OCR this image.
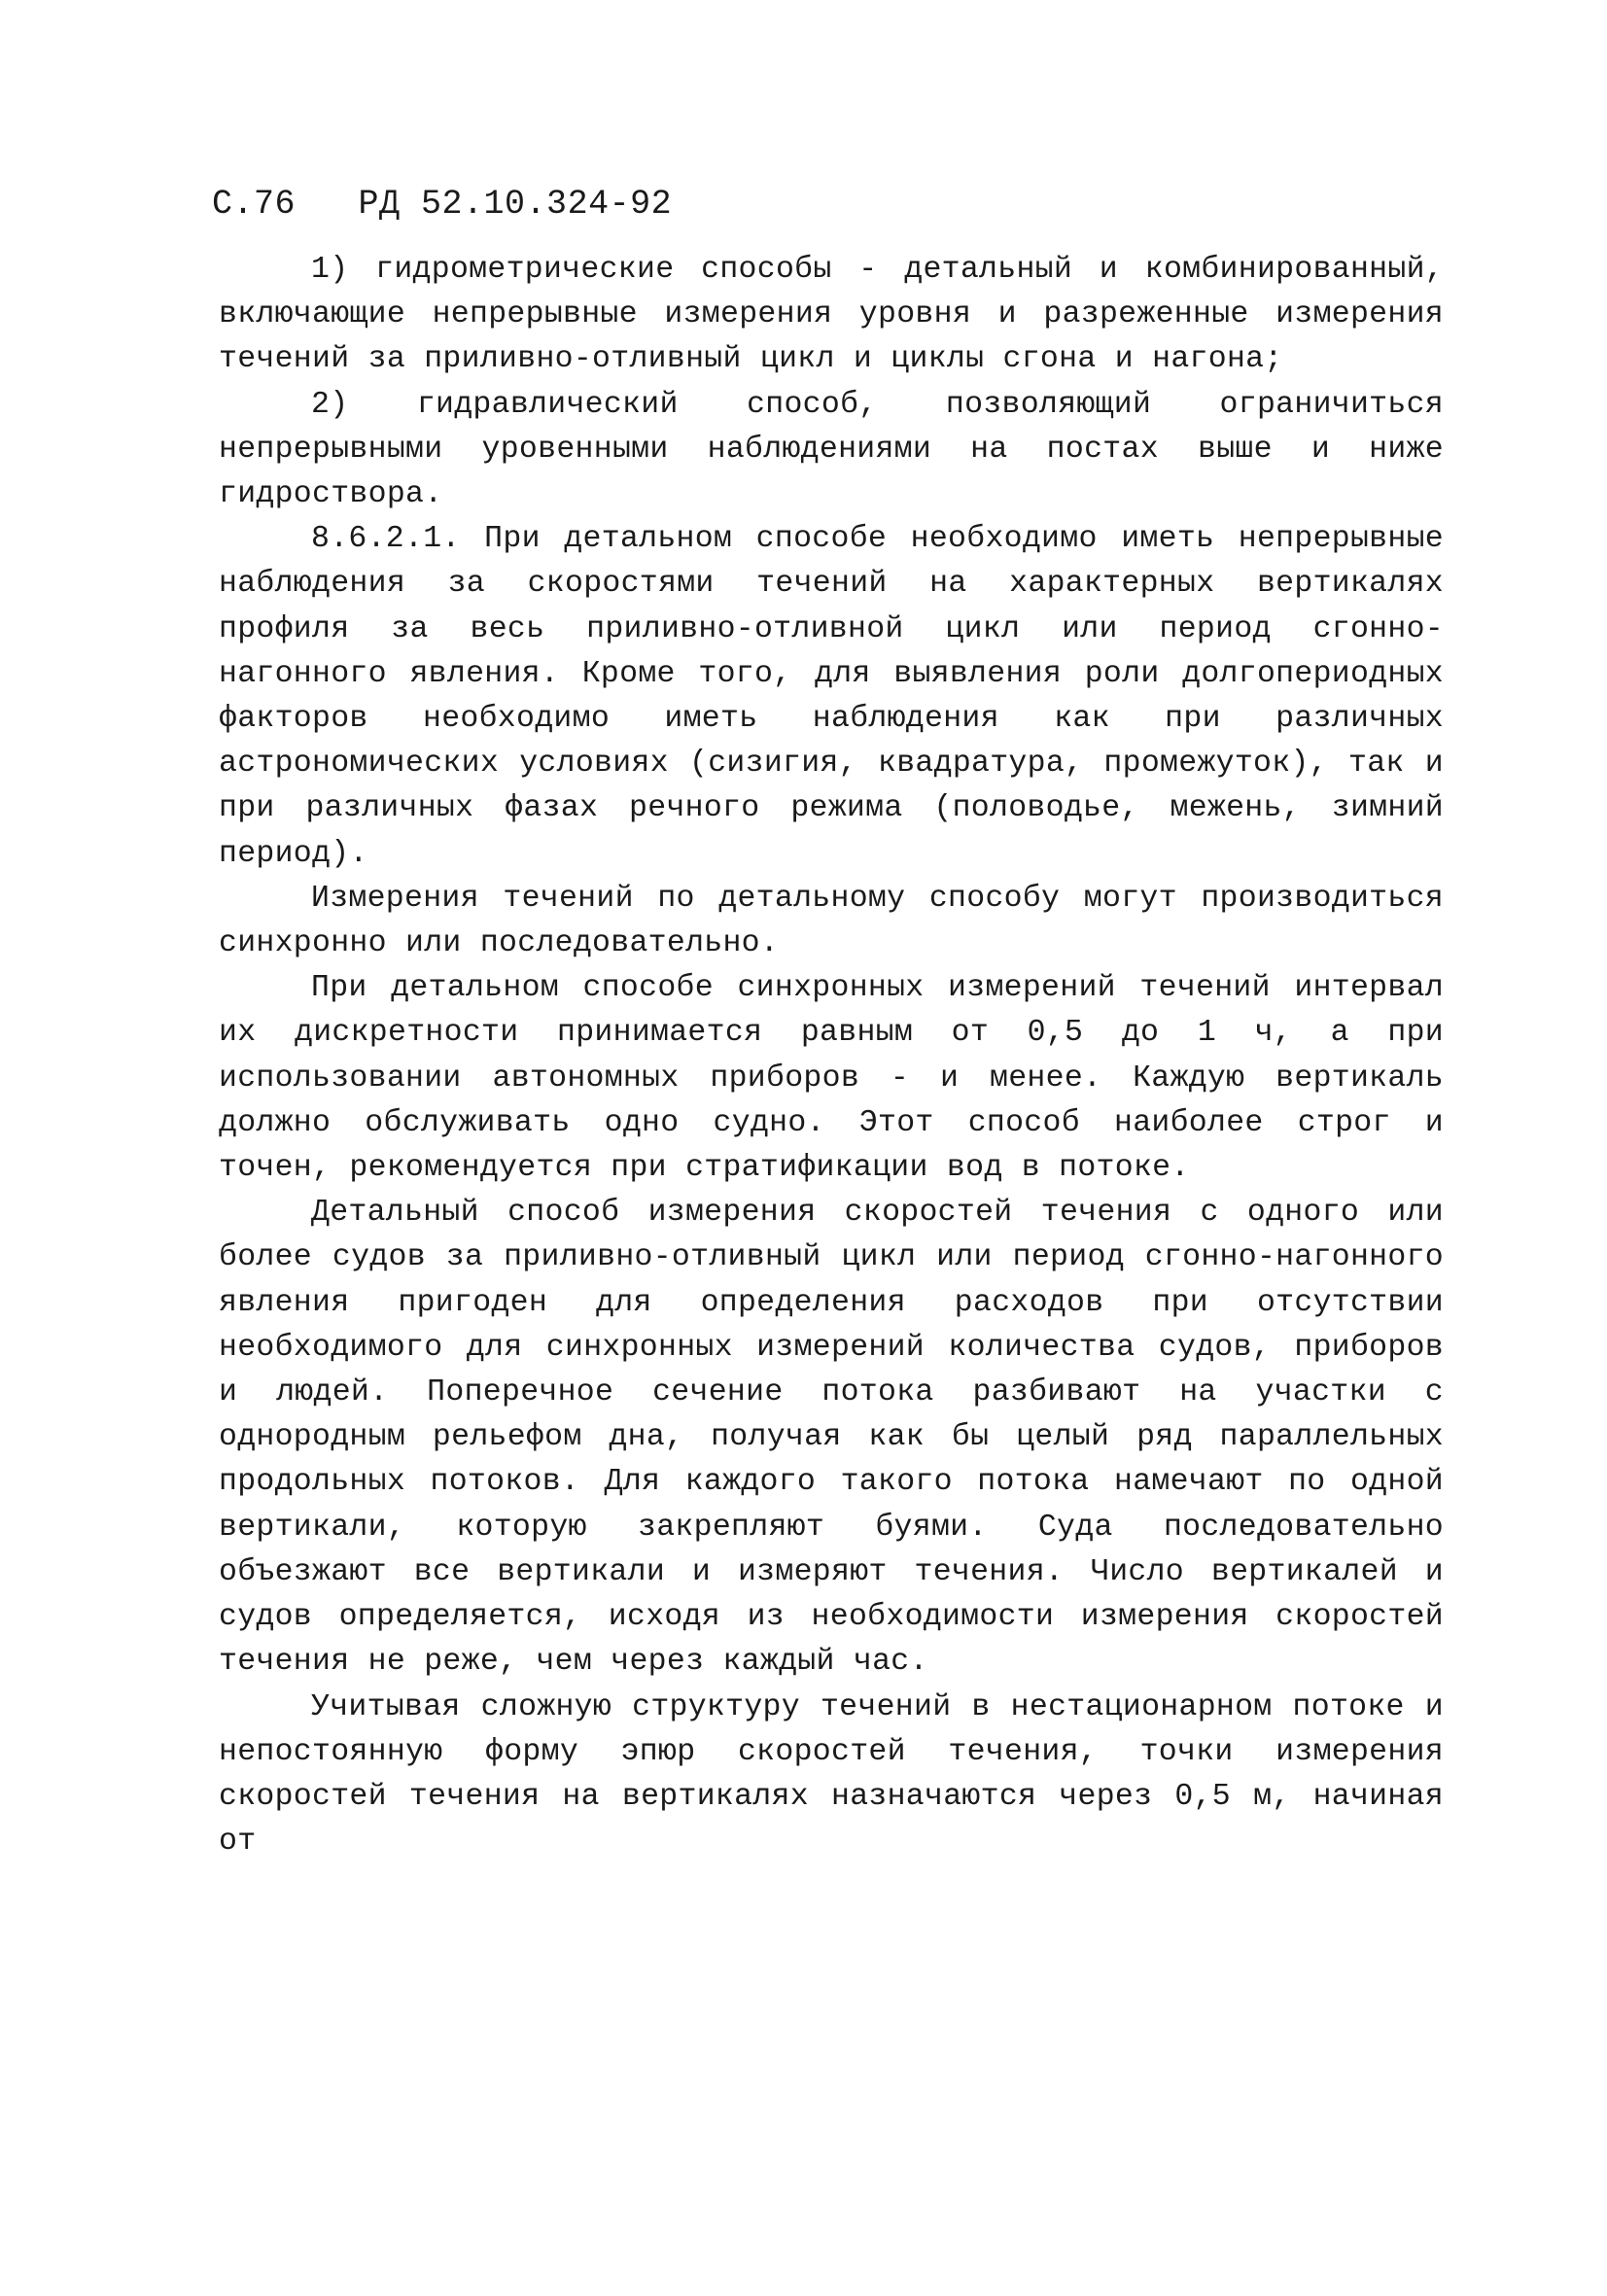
С.76 РД 52.10.324-92

1) гидрометрические способы - детальный и комбинированный, включающие непрерывные измерения уровня и разреженные измерения течений за приливно-отливный цикл и циклы сгона и нагона;

2) гидравлический способ, позволяющий ограничиться непрерывными уровенными наблюдениями на постах выше и ниже гидроствора.

8.6.2.1. При детальном способе необходимо иметь непрерывные наблюдения за скоростями течений на характерных вертикалях профиля за весь приливно-отливной цикл или период сгонно-нагонного явления. Кроме того, для выявления роли долгопериодных факторов необходимо иметь наблюдения как при различных астрономических условиях (сизигия, квадратура, промежуток), так и при различных фазах речного режима (половодье, межень, зимний период).

Измерения течений по детальному способу могут производиться синхронно или последовательно.

При детальном способе синхронных измерений течений интервал их дискретности принимается равным от 0,5 до 1 ч, а при использовании автономных приборов - и менее. Каждую вертикаль должно обслуживать одно судно. Этот способ наиболее строг и точен, рекомендуется при стратификации вод в потоке.

Детальный способ измерения скоростей течения с одного или более судов за приливно-отливный цикл или период сгонно-нагонного явления пригоден для определения расходов при отсутствии необходимого для синхронных измерений количества судов, приборов и людей. Поперечное сечение потока разбивают на участки с однородным рельефом дна, получая как бы целый ряд параллельных продольных потоков. Для каждого такого потока намечают по одной вертикали, которую закрепляют буями. Суда последовательно объезжают все вертикали и измеряют течения. Число вертикалей и судов определяется, исходя из необходимости измерения скоростей течения не реже, чем через каждый час.

Учитывая сложную структуру течений в нестационарном потоке и непостоянную форму эпюр скоростей течения, точки измерения скоростей течения на вертикалях назначаются через 0,5 м, начиная от
